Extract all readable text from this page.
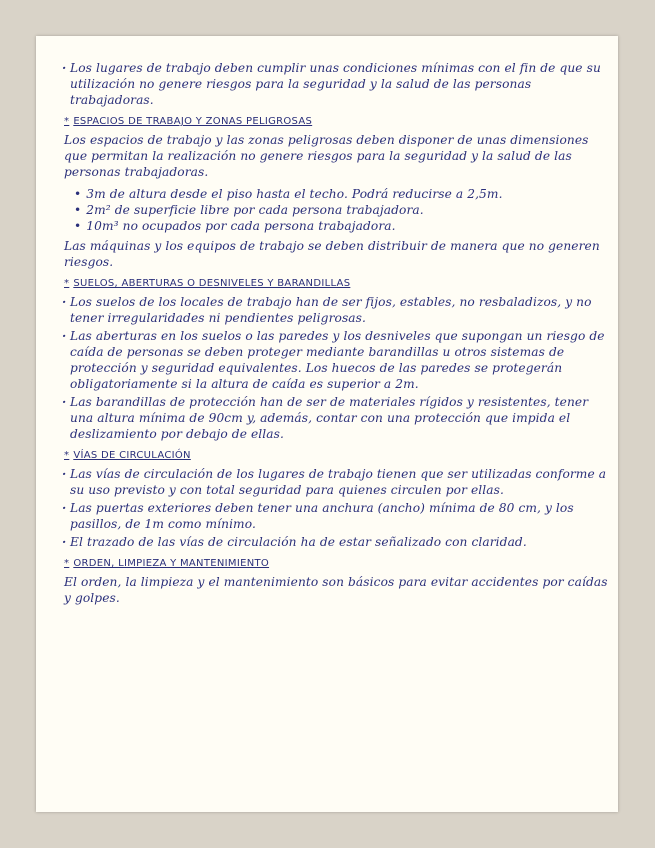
· Los lugares de trabajo deben cumplir unas condiciones mínimas con el fin de que su utilización no genere riesgos para la seguridad y la salud de las personas trabajadoras.

* ESPACIOS DE TRABAJO Y ZONAS PELIGROSAS

Los espacios de trabajo y las zonas peligrosas deben disponer de unas dimensiones que permitan la realización no genere riesgos para la seguridad y la salud de las personas trabajadoras.

• 3m de altura desde el piso hasta el techo. Podrá reducirse a 2,5m.
• 2m² de superficie libre por cada persona trabajadora.
• 10m³ no ocupados por cada persona trabajadora.

Las máquinas y los equipos de trabajo se deben distribuir de manera que no generen riesgos.

* SUELOS, ABERTURAS O DESNIVELES Y BARANDILLAS

· Los suelos de los locales de trabajo han de ser fijos, estables, no resbaladizos, y no tener irregularidades ni pendientes peligrosas.

· Las aberturas en los suelos o las paredes y los desniveles que supongan un riesgo de caída de personas se deben proteger mediante barandillas u otros sistemas de protección y seguridad equivalentes. Los huecos de las paredes se protegerán obligatoriamente si la altura de caída es superior a 2m.

· Las barandillas de protección han de ser de materiales rígidos y resistentes, tener una altura mínima de 90cm y, además, contar con una protección que impida el deslizamiento por debajo de ellas.

* VÍAS DE CIRCULACIÓN

· Las vías de circulación de los lugares de trabajo tienen que ser utilizadas conforme a su uso previsto y con total seguridad para quienes circulen por ellas.

· Las puertas exteriores deben tener una anchura (ancho) mínima de 80 cm, y los pasillos, de 1m como mínimo.

· El trazado de las vías de circulación ha de estar señalizado con claridad.

* ORDEN, LIMPIEZA Y MANTENIMIENTO

El orden, la limpieza y el mantenimiento son básicos para evitar accidentes por caídas y golpes.
